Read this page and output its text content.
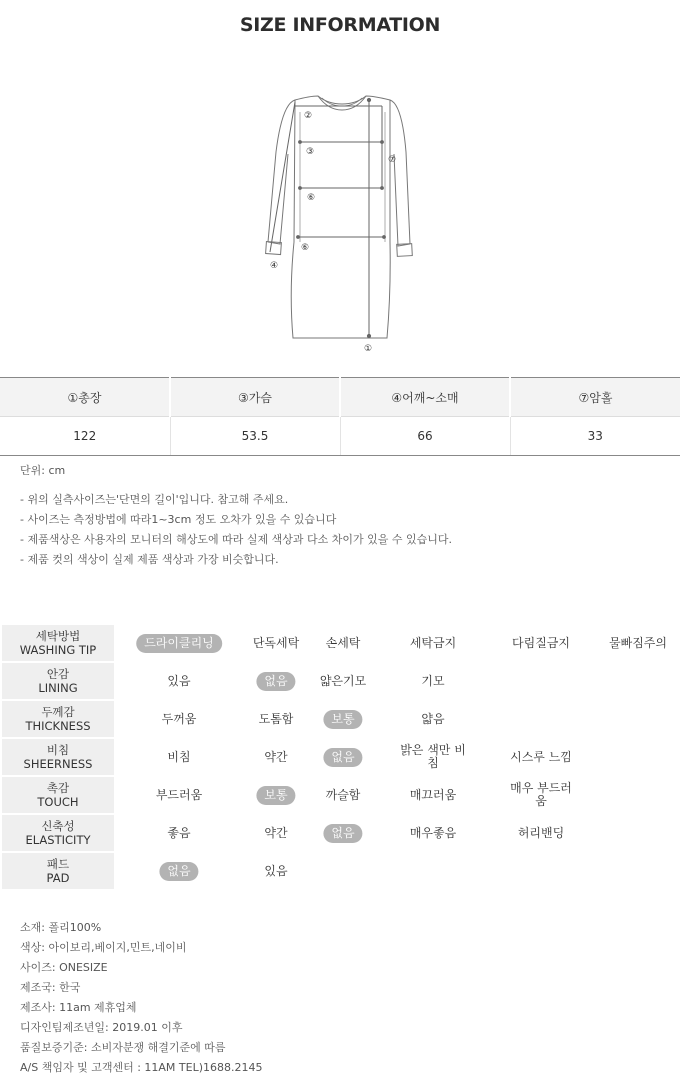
SIZE INFORMATION
②
③
⑦
⑥
⑥
④
①
①총장	③가슴	④어깨~소매	⑦암홀
122	53.5	66	33
단위: cm
- 위의 실측사이즈는'단면의 길이'입니다. 참고해 주세요.
- 사이즈는 측정방법에 따라1~3cm 정도 오차가 있을 수 있습니다
- 제품색상은 사용자의 모니터의 해상도에 따라 실제 색상과 다소 차이가 있을 수 있습니다.
- 제품 컷의 색상이 실제 제품 색상과 가장 비슷합니다.
세탁방법
WASHING TIP
드라이클리닝	단독세탁	손세탁	세탁금지	다림질금지	물빠짐주의
안감
LINING
있음	없음	얇은기모	기모
두께감
THICKNESS
두꺼움	도톰함	보통	얇음
비침
SHEERNESS
비침	약간	없음	밝은 색만 비침	시스루 느낌
촉감
TOUCH
부드러움	보통	까슬함	매끄러움	매우 부드러움
신축성
ELASTICITY
좋음	약간	없음	매우좋음	허리밴딩
패드
PAD
없음	있음
소재: 폴리100%
색상: 아이보리,베이지,민트,네이비
사이즈: ONESIZE
제조국: 한국
제조사: 11am 제휴업체
디자인팀제조년일: 2019.01 이후
품질보증기준: 소비자분쟁 해결기준에 따름
A/S 책임자 및 고객센터 : 11AM TEL)1688.2145
